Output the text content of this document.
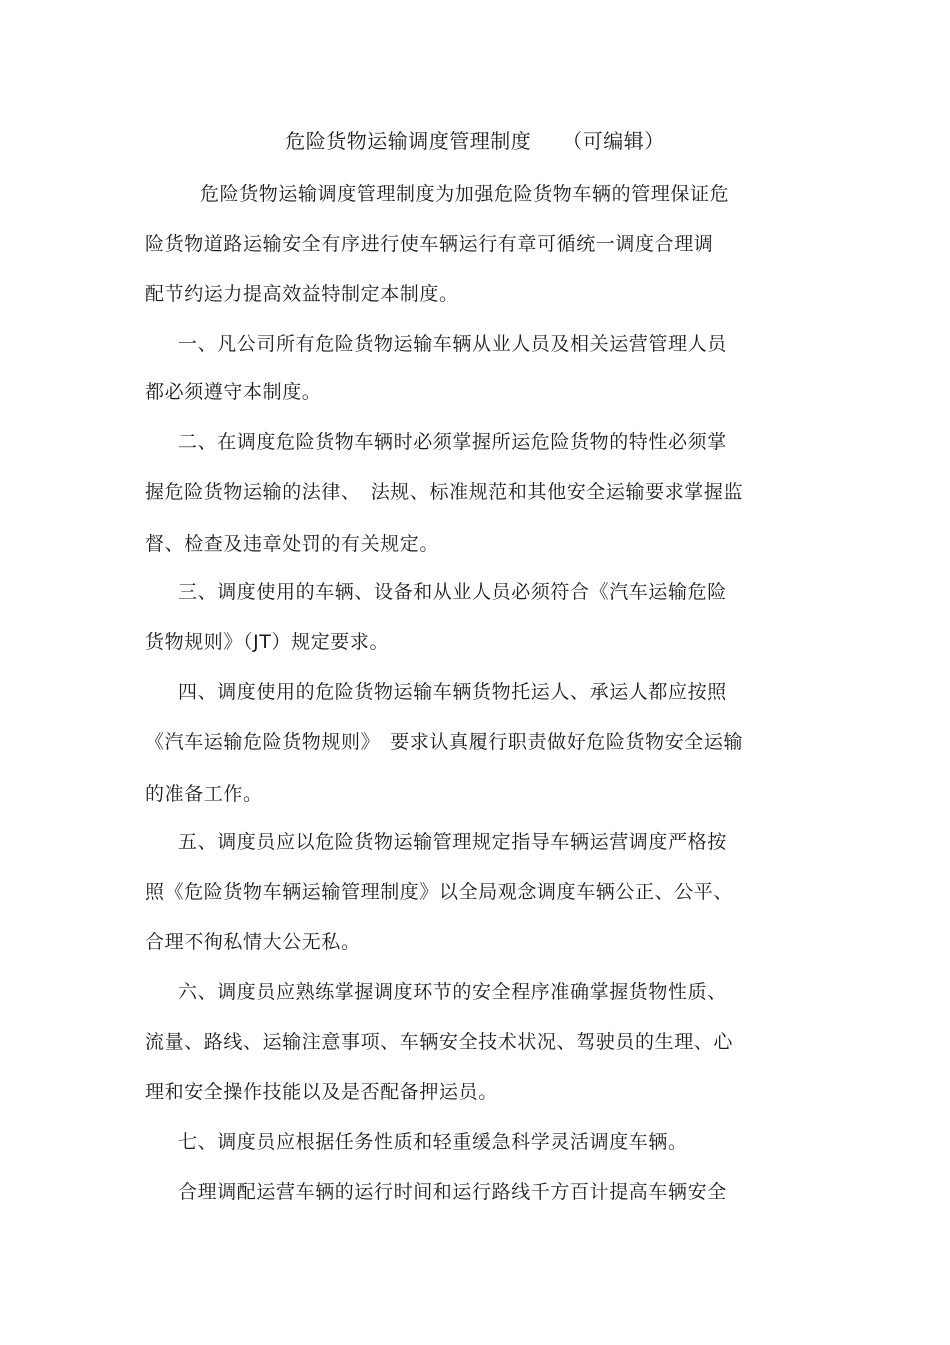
危险货物运输调度管理制度　　（可编辑）
危险货物运输调度管理制度为加强危险货物车辆的管理保证危
险货物道路运输安全有序进行使车辆运行有章可循统一调度合理调
配节约运力提高效益特制定本制度。
一、凡公司所有危险货物运输车辆从业人员及相关运营管理人员
都必须遵守本制度。
二、在调度危险货物车辆时必须掌握所运危险货物的特性必须掌
握危险货物运输的法律、　法规、标准规范和其他安全运输要求掌握监
督、检查及违章处罚的有关规定。
三、调度使用的车辆、设备和从业人员必须符合《汽车运输危险
货物规则》（JT）规定要求。
四、调度使用的危险货物运输车辆货物托运人、承运人都应按照
《汽车运输危险货物规则》　要求认真履行职责做好危险货物安全运输
的准备工作。
五、调度员应以危险货物运输管理规定指导车辆运营调度严格按
照《危险货物车辆运输管理制度》以全局观念调度车辆公正、公平、
合理不徇私情大公无私。
六、调度员应熟练掌握调度环节的安全程序准确掌握货物性质、
流量、路线、运输注意事项、车辆安全技术状况、驾驶员的生理、心
理和安全操作技能以及是否配备押运员。
七、调度员应根据任务性质和轻重缓急科学灵活调度车辆。
合理调配运营车辆的运行时间和运行路线千方百计提高车辆安全
